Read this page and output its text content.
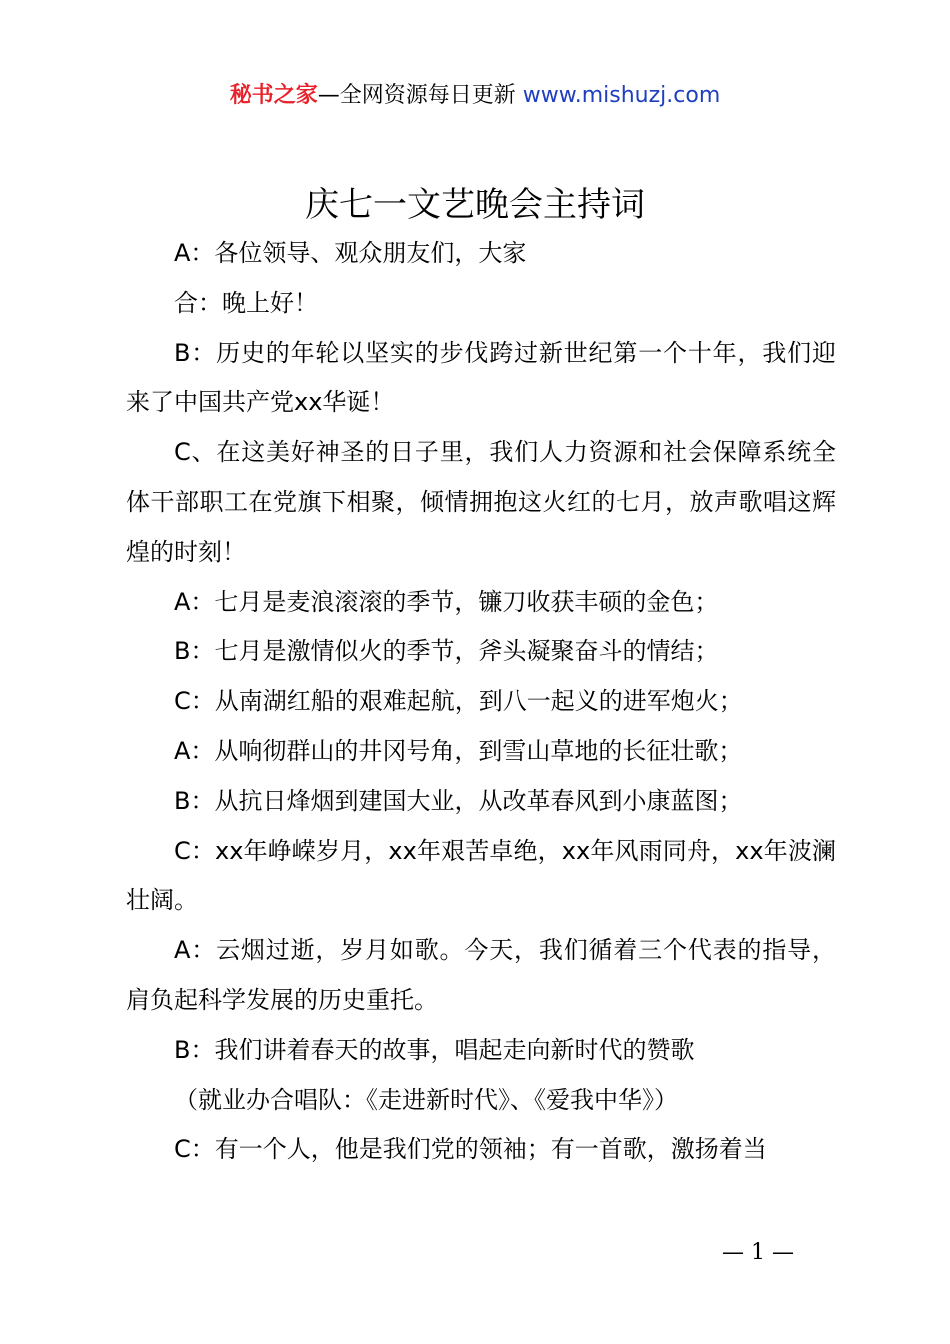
秘书之家—全网资源每日更新 www.mishuzj.com
庆七一文艺晚会主持词

A：各位领导、观众朋友们，大家

合：晚上好！

B：历史的年轮以坚实的步伐跨过新世纪第一个十年，我们迎来了中国共产党xx华诞！

C、在这美好神圣的日子里，我们人力资源和社会保障系统全体干部职工在党旗下相聚，倾情拥抱这火红的七月，放声歌唱这辉煌的时刻！

A：七月是麦浪滚滚的季节，镰刀收获丰硕的金色；

B：七月是激情似火的季节，斧头凝聚奋斗的情结；

C：从南湖红船的艰难起航，到八一起义的进军炮火；

A：从响彻群山的井冈号角，到雪山草地的长征壮歌；

B：从抗日烽烟到建国大业，从改革春风到小康蓝图；

C：xx年峥嵘岁月，xx年艰苦卓绝，xx年风雨同舟，xx年波澜壮阔。

A：云烟过逝，岁月如歌。今天，我们循着三个代表的指导，肩负起科学发展的历史重托。

B：我们讲着春天的故事，唱起走向新时代的赞歌

（就业办合唱队：《走进新时代》、《爱我中华》）

C：有一个人，他是我们党的领袖；有一首歌，激扬着当

— 1 —
